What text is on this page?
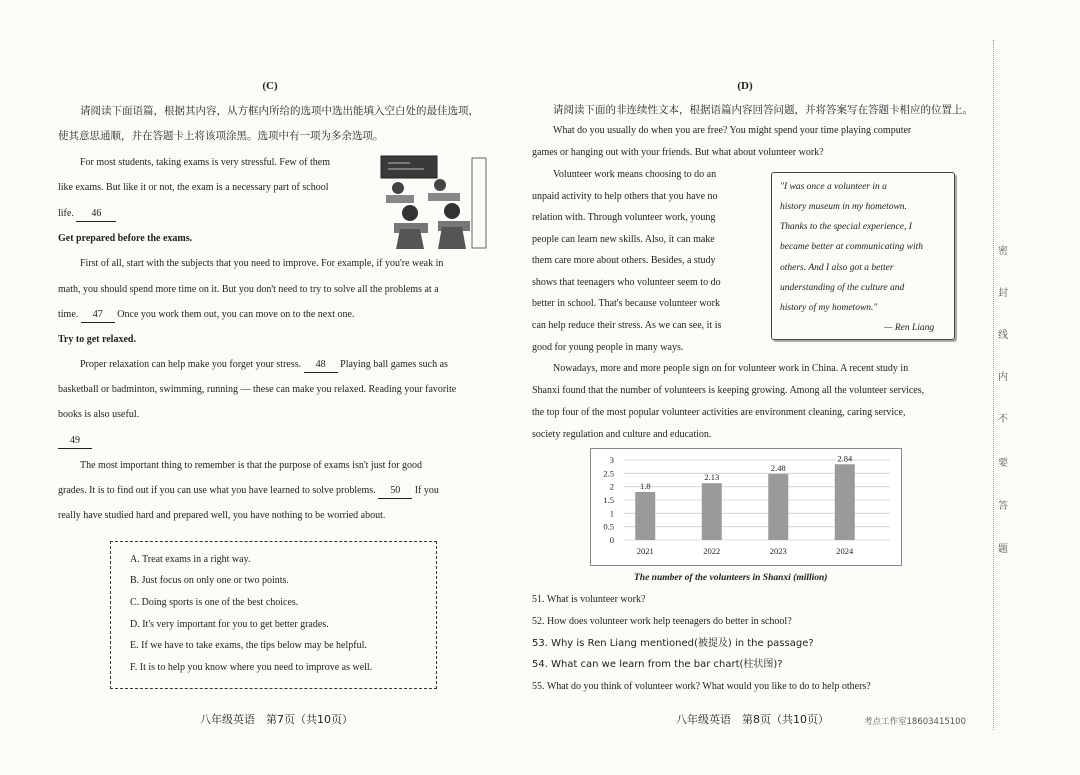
(C)
请阅读下面语篇，根据其内容，从方框内所给的选项中选出能填入空白处的最佳选项，
使其意思通顺，并在答题卡上将该项涂黑。选项中有一项为多余选项。
For most students, taking exams is very stressful. Few of them
like exams. But like it or not, the exam is a necessary part of school
life. 46
Get prepared before the exams.
First of all, start with the subjects that you need to improve. For example, if you're weak in
math, you should spend more time on it. But you don't need to try to solve all the problems at a
time. 47 Once you work them out, you can move on to the next one.
Try to get relaxed.
Proper relaxation can help make you forget your stress. 48 Playing ball games such as
basketball or badminton, swimming, running — these can make you relaxed. Reading your favorite
books is also useful.
49
The most important thing to remember is that the purpose of exams isn't just for good
grades. It is to find out if you can use what you have learned to solve problems. 50 If you
really have studied hard and prepared well, you have nothing to be worried about.
A. Treat exams in a right way.
B. Just focus on only one or two points.
C. Doing sports is one of the best choices.
D. It's very important for you to get better grades.
E. If we have to take exams, the tips below may be helpful.
F. It is to help you know where you need to improve as well.
八年级英语　第7页（共10页）
(D)
请阅读下面的非连续性文本，根据语篇内容回答问题，并将答案写在答题卡相应的位置上。
What do you usually do when you are free? You might spend your time playing computer
games or hanging out with your friends. But what about volunteer work?
Volunteer work means choosing to do an
unpaid activity to help others that you have no
relation with. Through volunteer work, young
people can learn new skills. Also, it can make
them care more about others. Besides, a study
shows that teenagers who volunteer seem to do
better in school. That's because volunteer work
can help reduce their stress. As we can see, it is
good for young people in many ways.
"I was once a volunteer in a
history museum in my hometown.
Thanks to the special experience, I
became better at communicating with
others. And I also got a better
understanding of the culture and
history of my hometown."
— Ren Liang
Nowadays, more and more people sign on for volunteer work in China. A recent study in
Shanxi found that the number of volunteers is keeping growing. Among all the volunteer services,
the top four of the most popular volunteer activities are environment cleaning, caring service,
society regulation and culture and education.
0
0.5
1
1.5
2
2.5
3
1.8
2021
2.13
2022
2.48
2023
2.84
2024
The number of the volunteers in Shanxi (million)
51. What is volunteer work?
52. How does volunteer work help teenagers do better in school?
53. Why is Ren Liang mentioned(被提及) in the passage?
54. What can we learn from the bar chart(柱状图)?
55. What do you think of volunteer work? What would you like to do to help others?
八年级英语　第8页（共10页）	考点工作室18603415100
密
封
线
内
不
要
答
题
